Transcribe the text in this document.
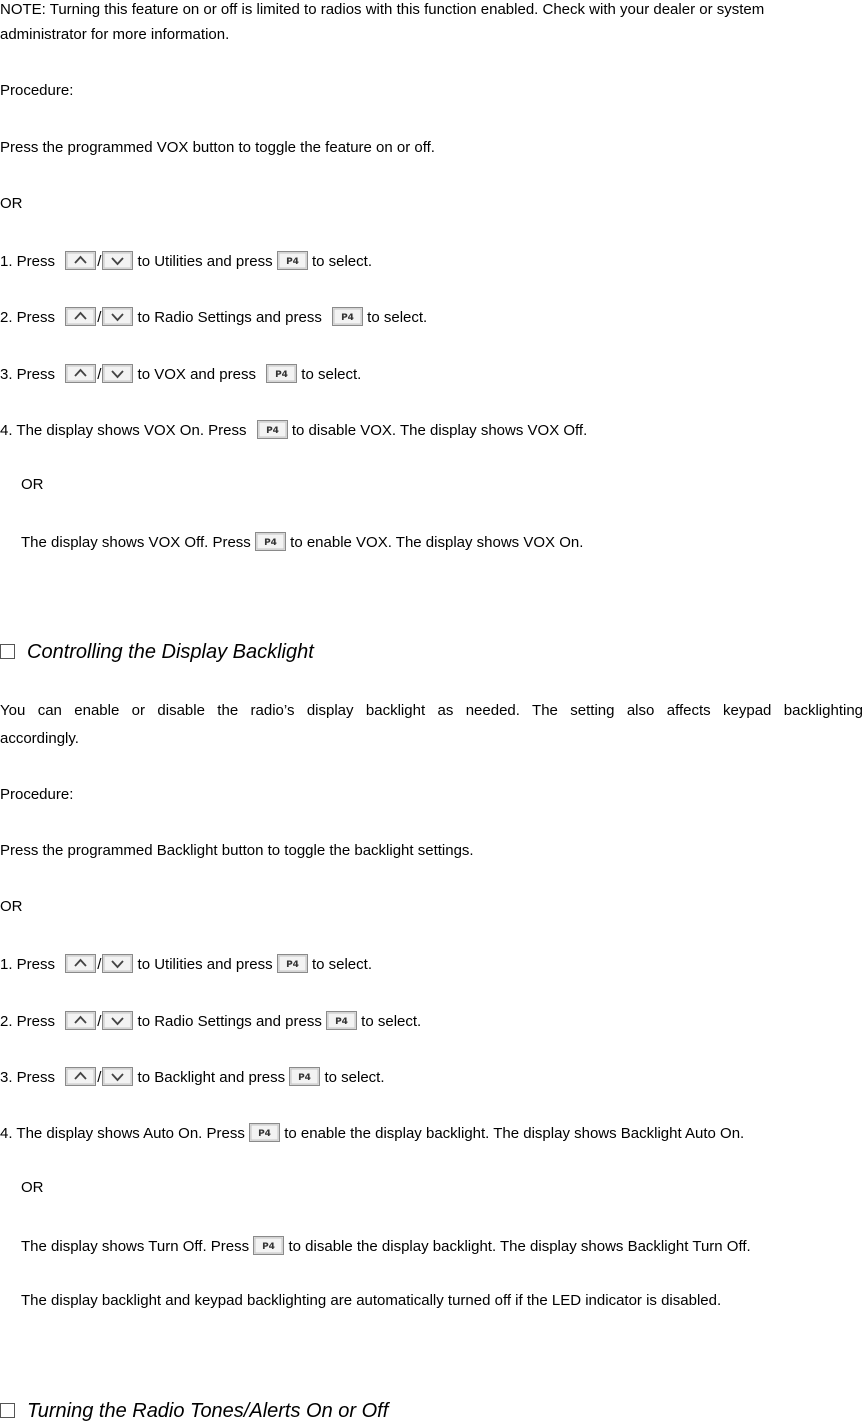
NOTE: Turning this feature on or off is limited to radios with this function enabled. Check with your dealer or system
administrator for more information.
Procedure:
Press the programmed VOX button to toggle the feature on or off.
OR
1. Press	/ to Utilities and press P4 to select.
2. Press	/ to Radio Settings and press P4 to select.
3. Press	/ to VOX and press P4 to select.
4. The display shows VOX On. Press P4 to disable VOX. The display shows VOX Off.
OR
The display shows VOX Off. Press P4 to enable VOX. The display shows VOX On.
Controlling the Display Backlight
You can enable or disable the radio’s display backlight as needed. The setting also affects keypad backlighting
accordingly.
Procedure:
Press the programmed Backlight button to toggle the backlight settings.
OR
1. Press	/ to Utilities and press P4 to select.
2. Press	/ to Radio Settings and press P4 to select.
3. Press	/ to Backlight and press P4 to select.
4. The display shows Auto On. Press P4 to enable the display backlight. The display shows Backlight Auto On.
OR
The display shows Turn Off. Press P4 to disable the display backlight. The display shows Backlight Turn Off.
The display backlight and keypad backlighting are automatically turned off if the LED indicator is disabled.
Turning the Radio Tones/Alerts On or Off
